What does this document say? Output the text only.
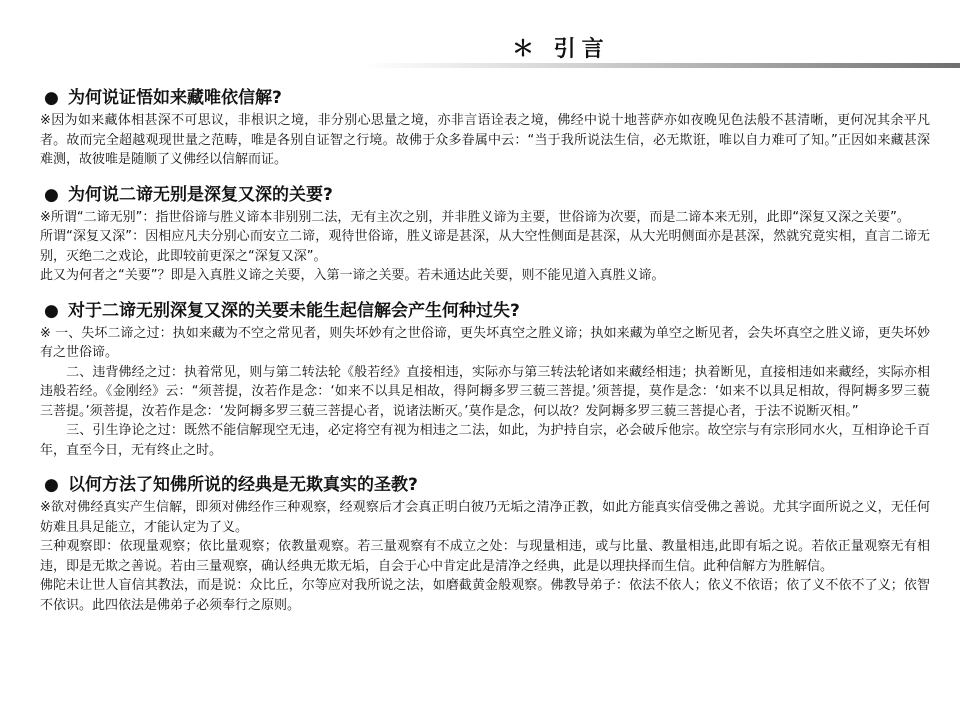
＊ 引言
● 为何说证悟如来藏唯依信解?

※因为如来藏体相甚深不可思议，非根识之境，非分别心思量之境，亦非言语诠表之境，佛经中说十地菩萨亦如夜晚见色法般不甚清晰，更何况其余平凡者。故而完全超越观现世量之范畴，唯是各别自证智之行境。故佛于众多眷属中云：“当于我所说法生信，必无欺诳，唯以自力难可了知。”正因如来藏甚深难测，故彼唯是随顺了义佛经以信解而证。

● 为何说二谛无别是深复又深的关要?

※所谓“二谛无别”：指世俗谛与胜义谛本非别别二法，无有主次之别，并非胜义谛为主要，世俗谛为次要，而是二谛本来无别，此即“深复又深之关要”。

所谓“深复又深”：因相应凡夫分别心而安立二谛，观待世俗谛，胜义谛是甚深，从大空性侧面是甚深，从大光明侧面亦是甚深，然就究竟实相，直言二谛无别，灭绝二之戏论，此即较前更深之“深复又深”。

此又为何者之“关要”？即是入真胜义谛之关要，入第一谛之关要。若未通达此关要，则不能见道入真胜义谛。

● 对于二谛无别深复又深的关要未能生起信解会产生何种过失?

※ 一、失坏二谛之过：执如来藏为不空之常见者，则失坏妙有之世俗谛，更失坏真空之胜义谛；执如来藏为单空之断见者，会失坏真空之胜义谛，更失坏妙有之世俗谛。

　　二、违背佛经之过：执着常见，则与第二转法轮《般若经》直接相违，实际亦与第三转法轮诸如来藏经相违；执着断见，直接相违如来藏经，实际亦相违般若经。《金刚经》云：“须菩提，汝若作是念：‘如来不以具足相故，得阿耨多罗三藐三菩提。’须菩提，莫作是念：‘如来不以具足相故，得阿耨多罗三藐三菩提。’须菩提，汝若作是念：‘发阿耨多罗三藐三菩提心者，说诸法断灭。’莫作是念，何以故？发阿耨多罗三藐三菩提心者，于法不说断灭相。”

　　三、引生诤论之过：既然不能信解现空无违，必定将空有视为相违之二法，如此，为护持自宗，必会破斥他宗。故空宗与有宗形同水火，互相诤论千百年，直至今日，无有终止之时。

● 以何方法了知佛所说的经典是无欺真实的圣教?

※欲对佛经真实产生信解，即须对佛经作三种观察，经观察后才会真正明白彼乃无垢之清净正教，如此方能真实信受佛之善说。尤其字面所说之义，无任何妨难且具足能立，才能认定为了义。

三种观察即：依现量观察；依比量观察；依教量观察。若三量观察有不成立之处：与现量相违，或与比量、教量相违,此即有垢之说。若依正量观察无有相违，即是无欺之善说。若由三量观察，确认经典无欺无垢，自会于心中肯定此是清净之经典，此是以理抉择而生信。此种信解方为胜解信。

佛陀未让世人盲信其教法，而是说：众比丘，尔等应对我所说之法，如磨截黄金般观察。佛教导弟子：依法不依人；依义不依语；依了义不依不了义；依智不依识。此四依法是佛弟子必须奉行之原则。
